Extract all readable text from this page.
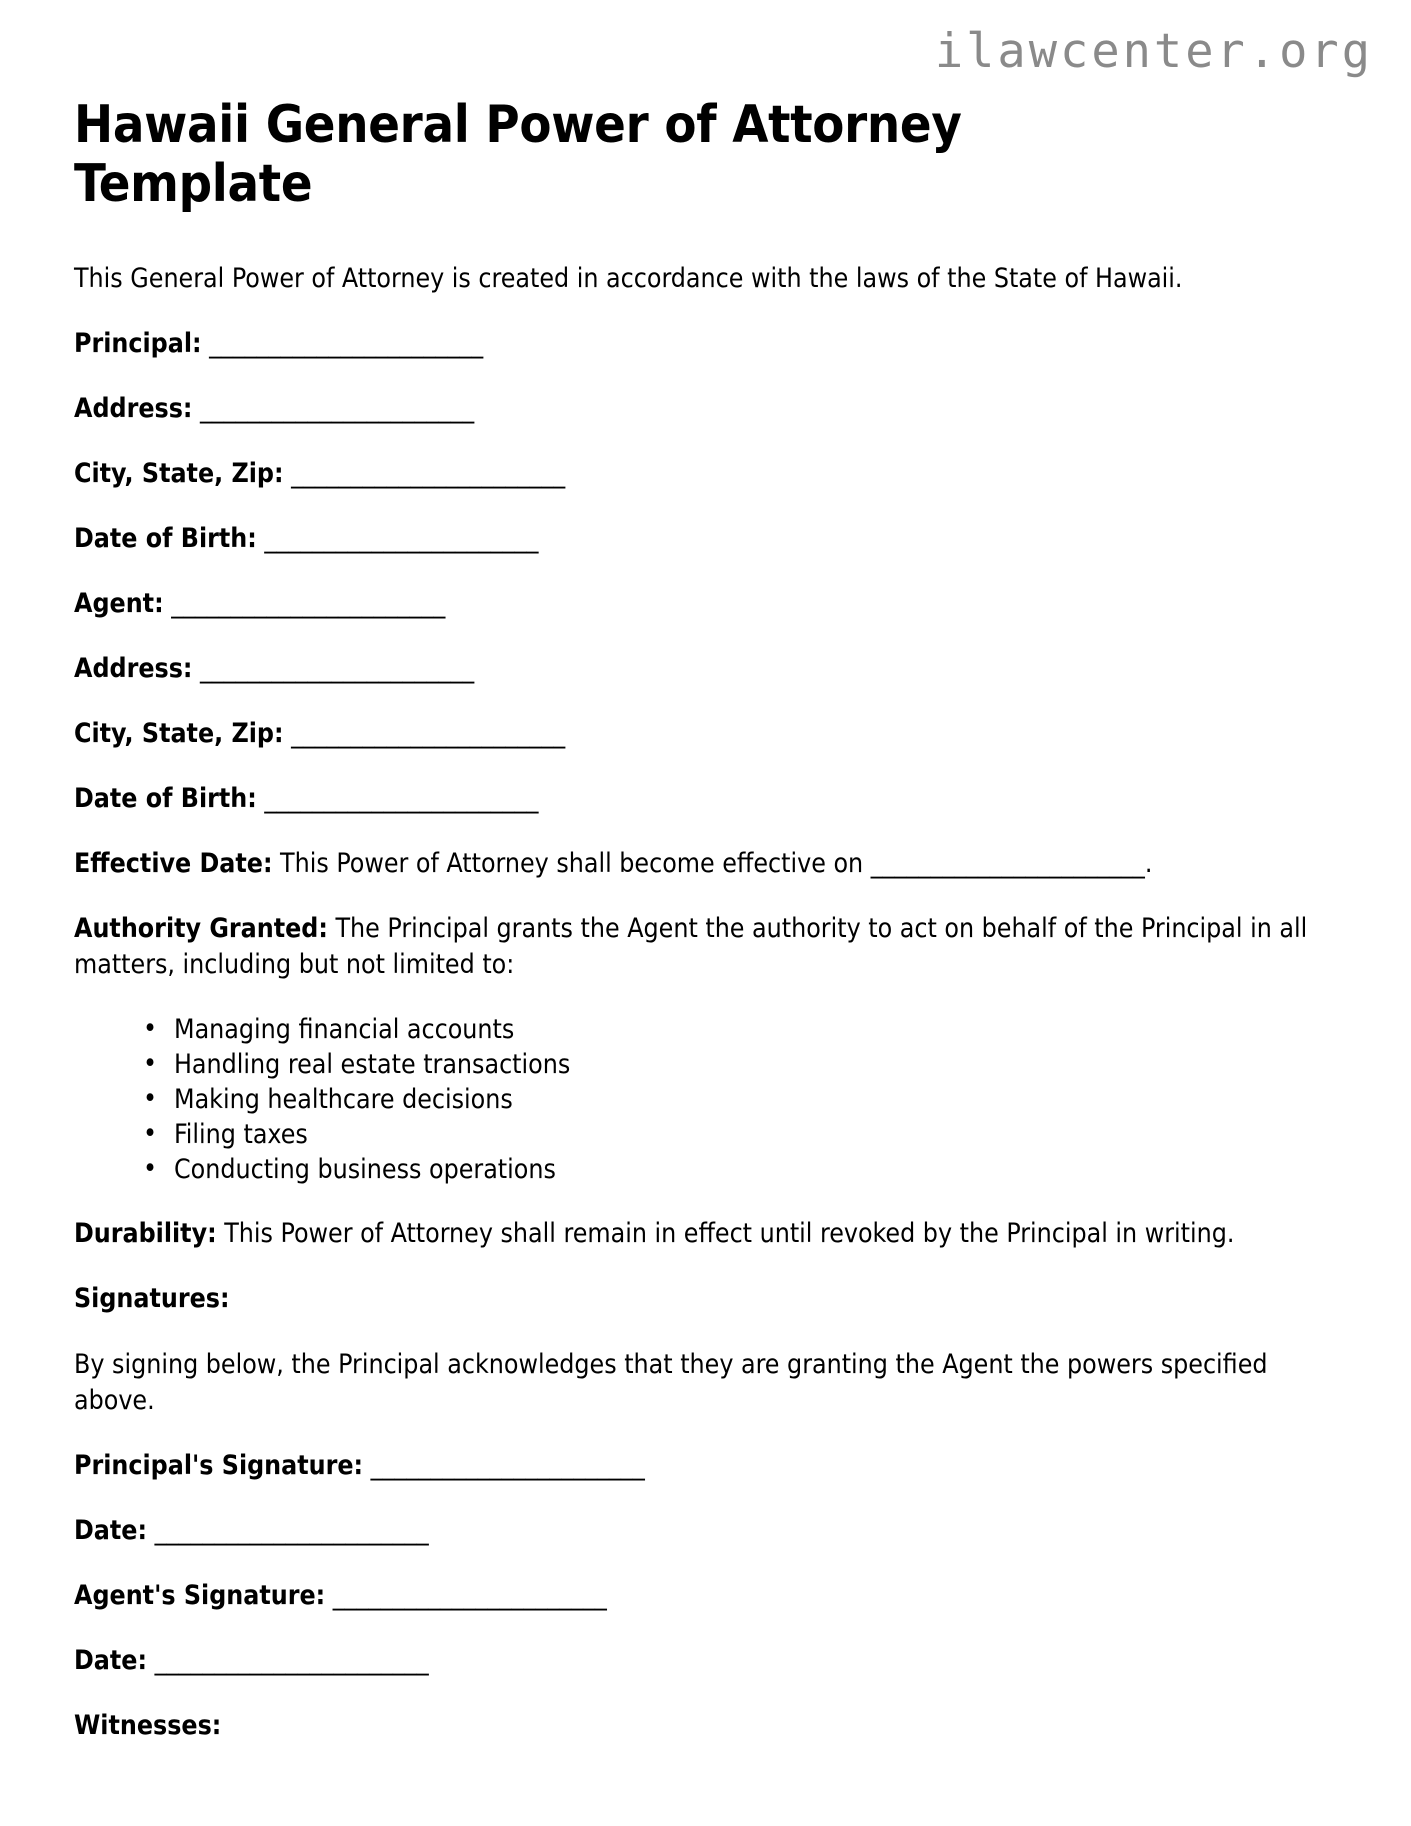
ilawcenter.org
Hawaii General Power of Attorney Template

This General Power of Attorney is created in accordance with the laws of the State of Hawaii.

Principal: _______________________
Address: _______________________
City, State, Zip: _______________________
Date of Birth: _______________________
Agent: _______________________
Address: _______________________
City, State, Zip: _______________________
Date of Birth: _______________________

Effective Date: This Power of Attorney shall become effective on _______________________.

Authority Granted: The Principal grants the Agent the authority to act on behalf of the Principal in all matters, including but not limited to:

• Managing financial accounts
• Handling real estate transactions
• Making healthcare decisions
• Filing taxes
• Conducting business operations

Durability: This Power of Attorney shall remain in effect until revoked by the Principal in writing.

Signatures:

By signing below, the Principal acknowledges that they are granting the Agent the powers specified above.

Principal's Signature: _______________________
Date: _______________________
Agent's Signature: _______________________
Date: _______________________

Witnesses:
